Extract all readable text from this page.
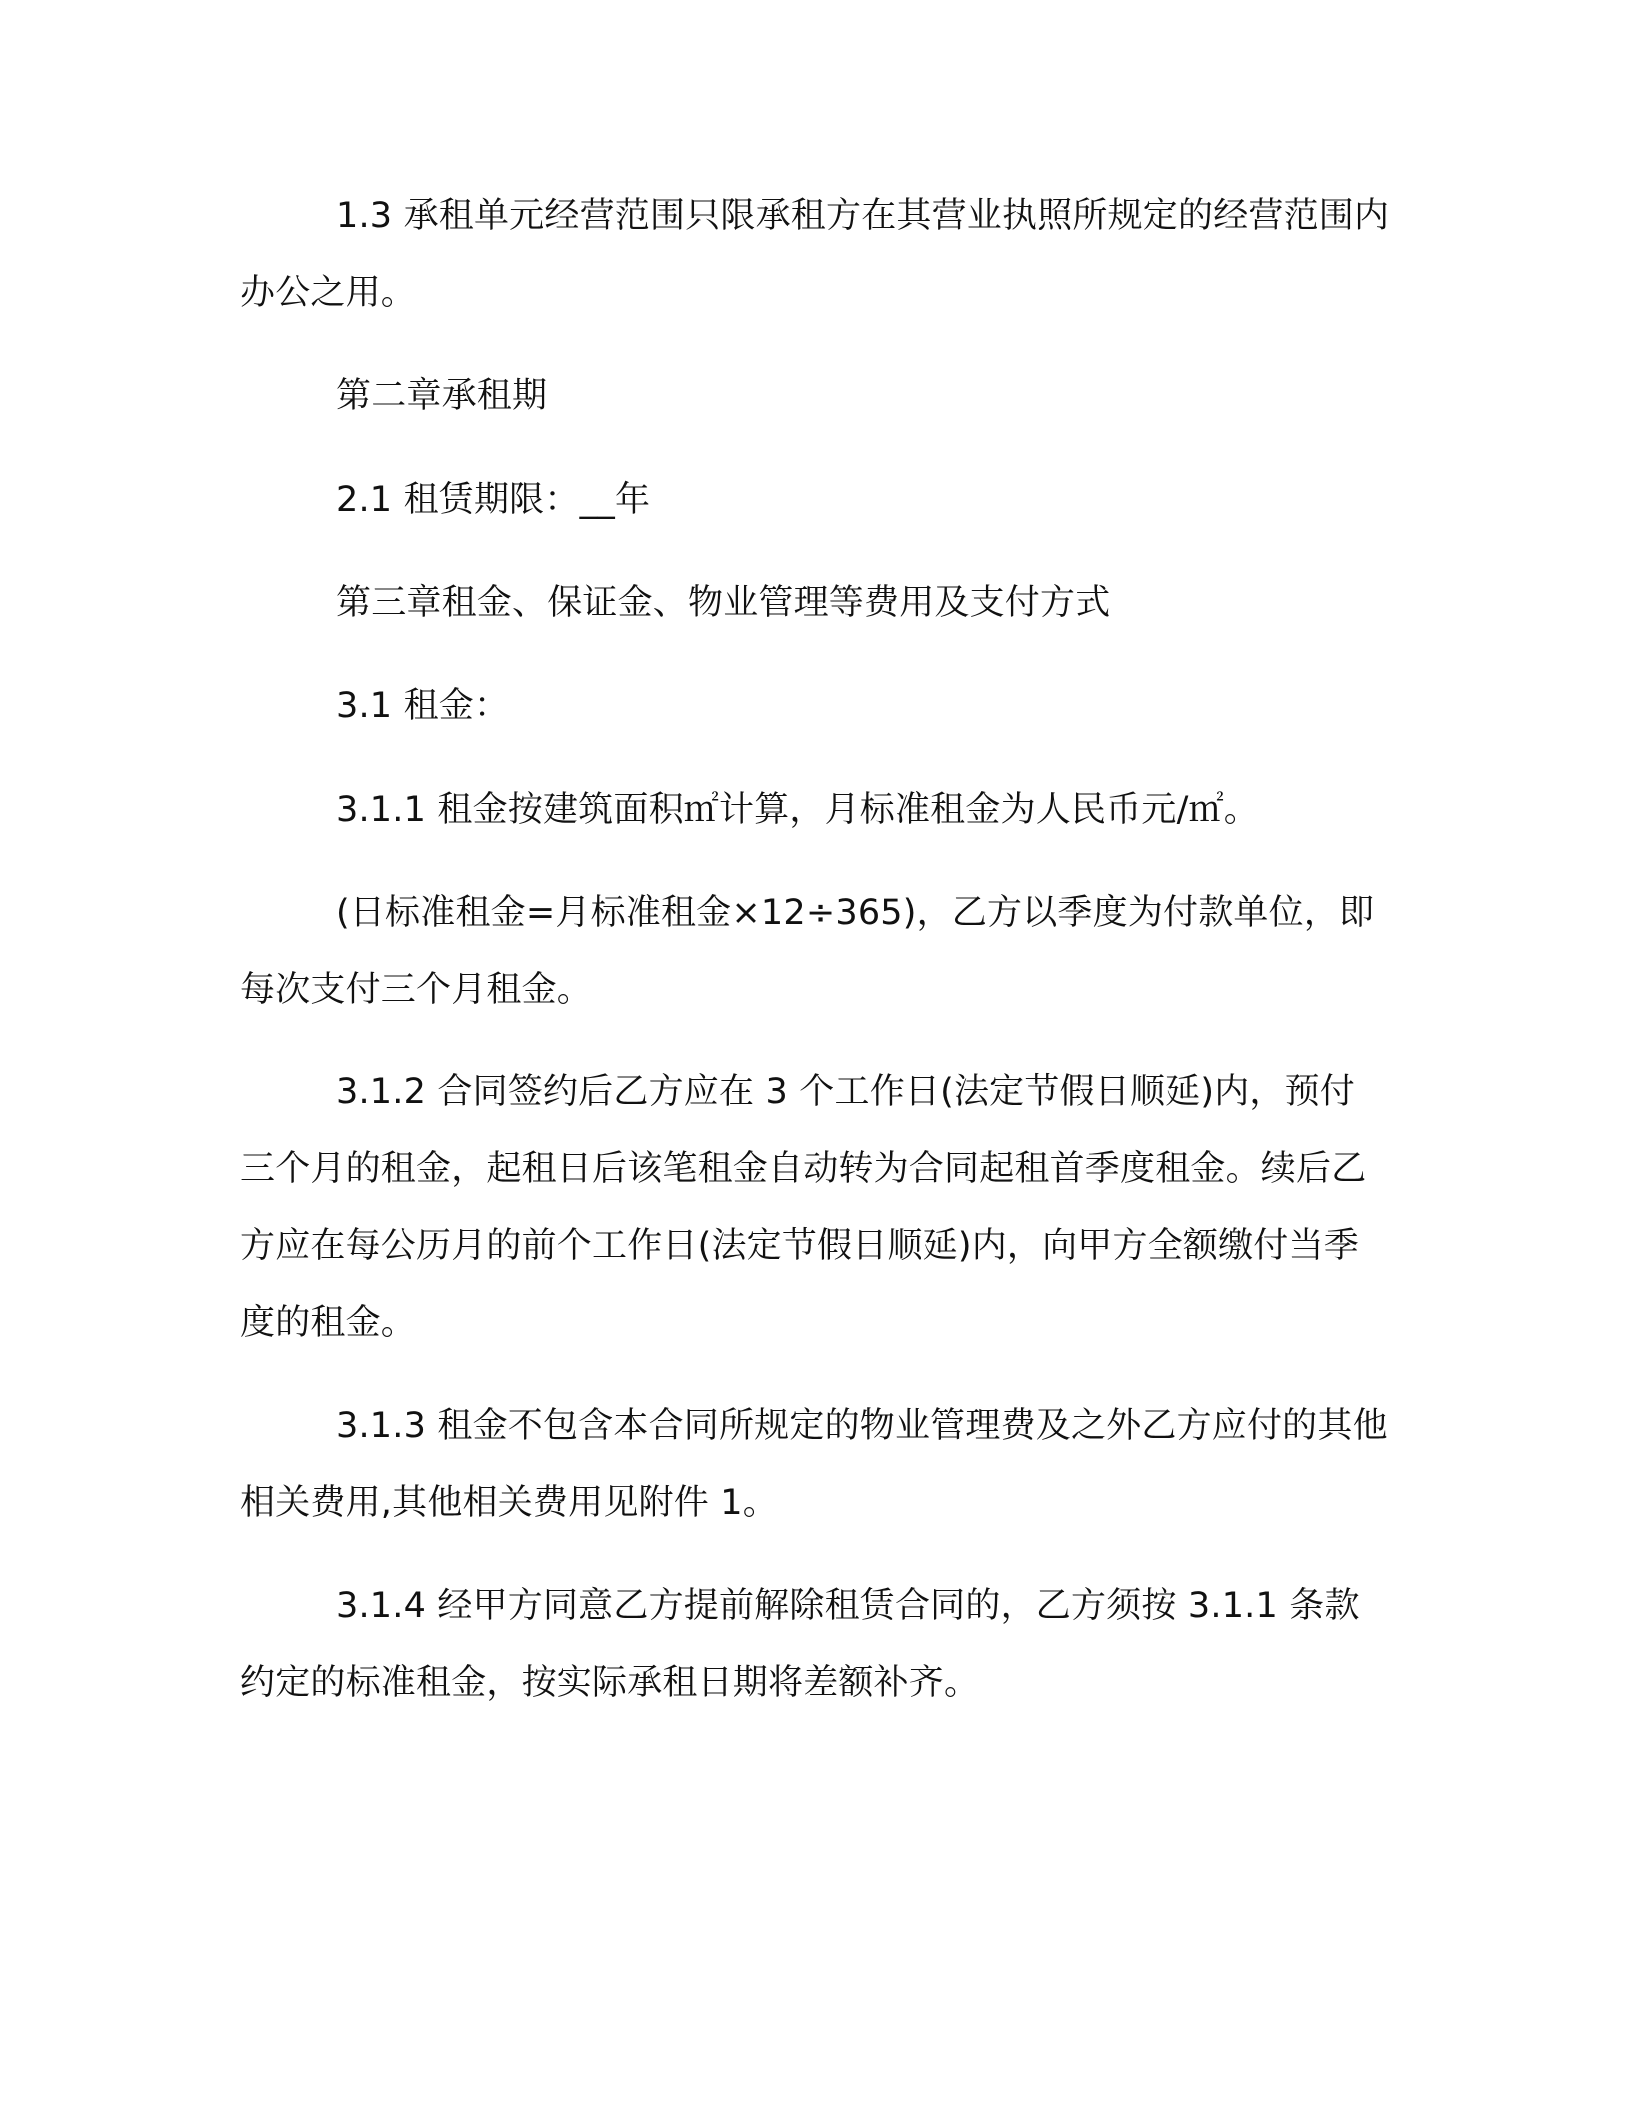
1.3 承租单元经营范围只限承租方在其营业执照所规定的经营范围内办公之用。

第二章承租期

2.1 租赁期限：__年

第三章租金、保证金、物业管理等费用及支付方式

3.1 租金：

3.1.1 租金按建筑面积㎡计算，月标准租金为人民币元/㎡。

(日标准租金=月标准租金×12÷365)，乙方以季度为付款单位，即每次支付三个月租金。

3.1.2 合同签约后乙方应在 3 个工作日(法定节假日顺延)内，预付三个月的租金，起租日后该笔租金自动转为合同起租首季度租金。续后乙方应在每公历月的前个工作日(法定节假日顺延)内，向甲方全额缴付当季度的租金。

3.1.3 租金不包含本合同所规定的物业管理费及之外乙方应付的其他相关费用,其他相关费用见附件 1。

3.1.4 经甲方同意乙方提前解除租赁合同的，乙方须按 3.1.1 条款约定的标准租金，按实际承租日期将差额补齐。
